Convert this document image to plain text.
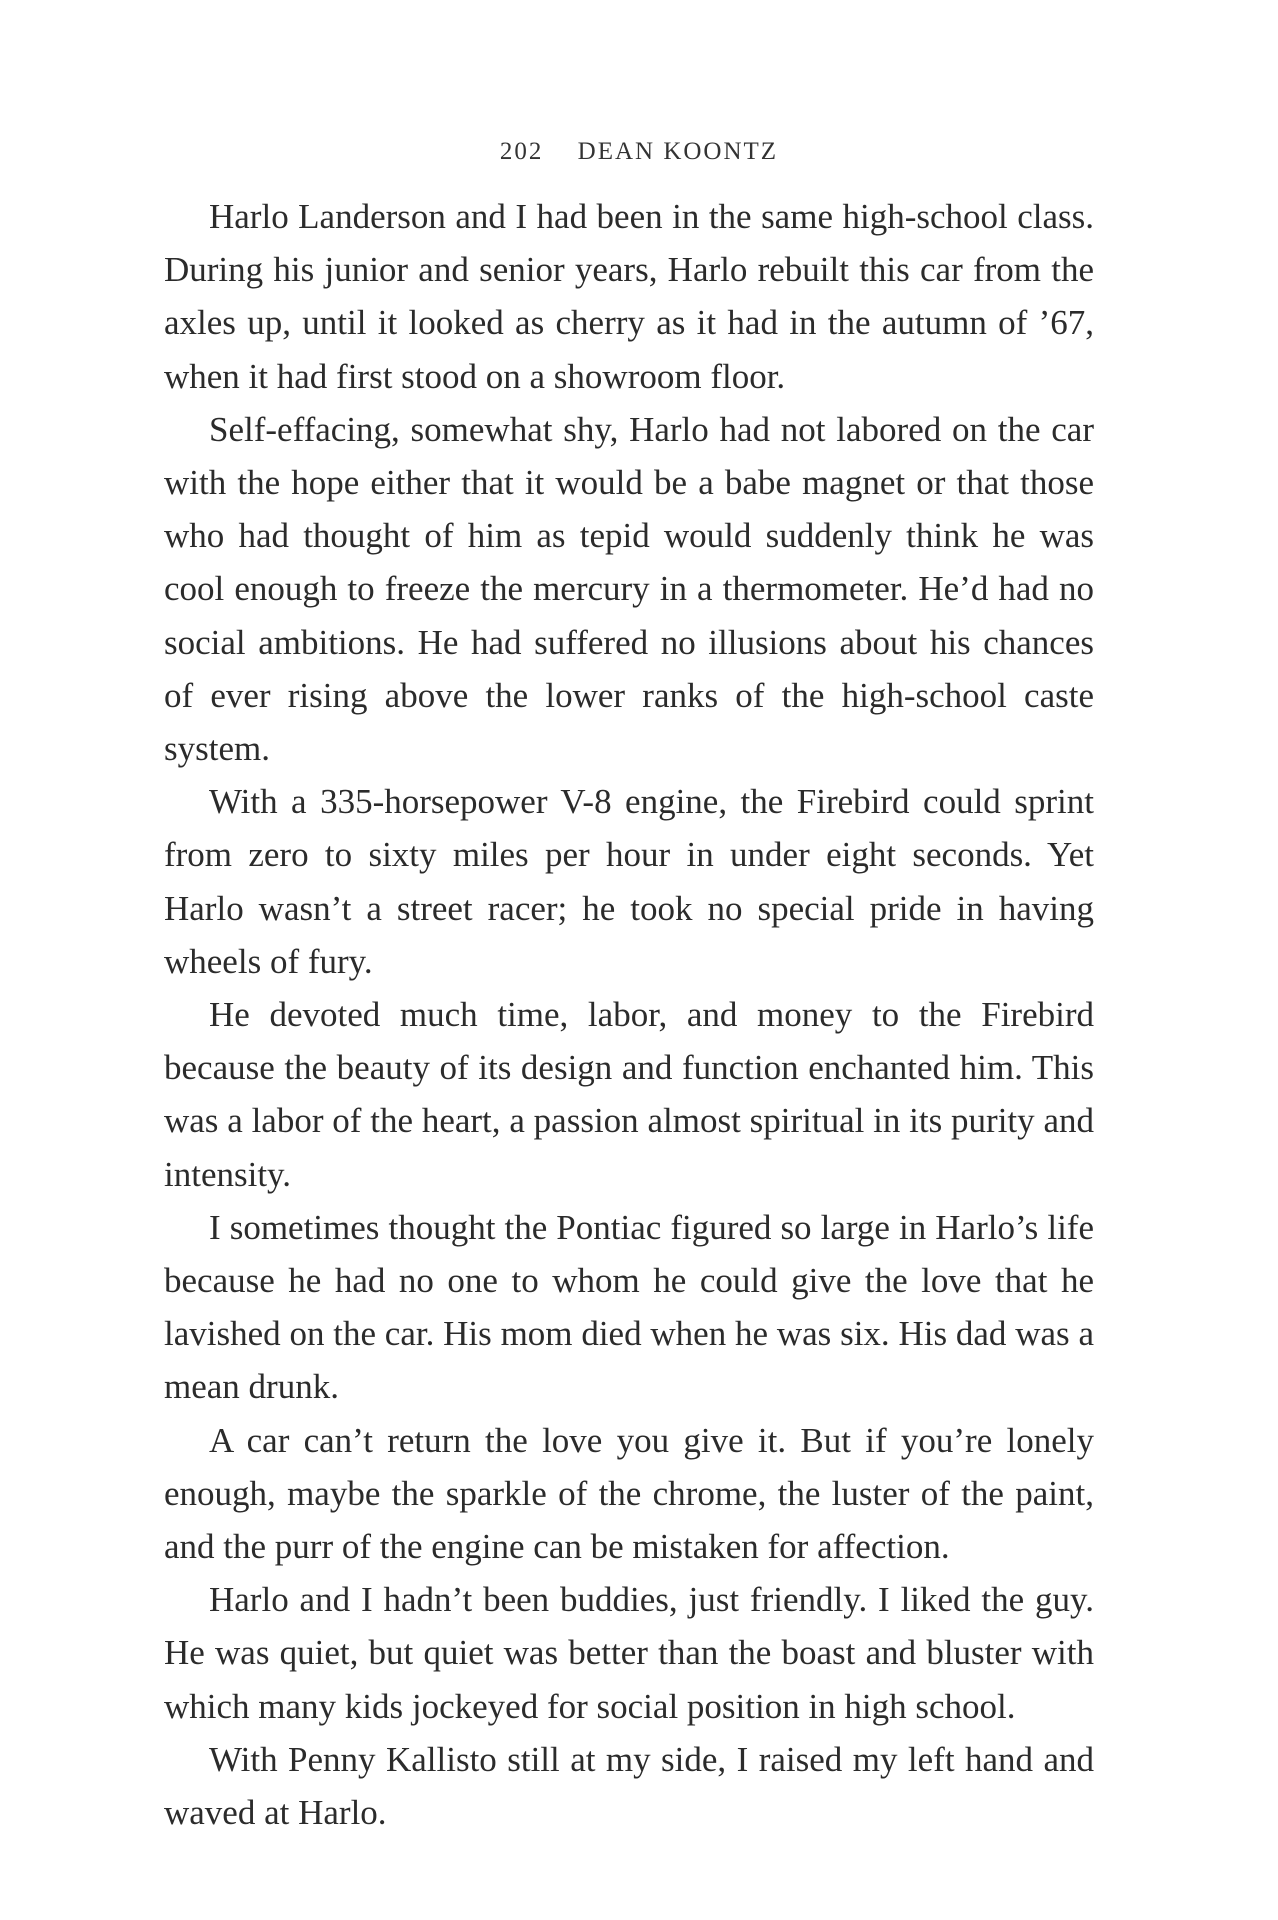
202 DEAN KOONTZ

Harlo Landerson and I had been in the same high-school class. During his junior and senior years, Harlo rebuilt this car from the axles up, until it looked as cherry as it had in the autumn of ’67, when it had first stood on a showroom floor.

Self-effacing, somewhat shy, Harlo had not labored on the car with the hope either that it would be a babe magnet or that those who had thought of him as tepid would suddenly think he was cool enough to freeze the mercury in a thermometer. He’d had no social ambitions. He had suffered no illusions about his chances of ever rising above the lower ranks of the high-school caste system.

With a 335-horsepower V-8 engine, the Firebird could sprint from zero to sixty miles per hour in under eight seconds. Yet Harlo wasn’t a street racer; he took no special pride in having wheels of fury.

He devoted much time, labor, and money to the Firebird because the beauty of its design and function enchanted him. This was a labor of the heart, a passion almost spiritual in its purity and intensity.

I sometimes thought the Pontiac figured so large in Harlo’s life because he had no one to whom he could give the love that he lavished on the car. His mom died when he was six. His dad was a mean drunk.

A car can’t return the love you give it. But if you’re lonely enough, maybe the sparkle of the chrome, the luster of the paint, and the purr of the engine can be mistaken for affection.

Harlo and I hadn’t been buddies, just friendly. I liked the guy. He was quiet, but quiet was better than the boast and bluster with which many kids jockeyed for social position in high school.

With Penny Kallisto still at my side, I raised my left hand and waved at Harlo.
